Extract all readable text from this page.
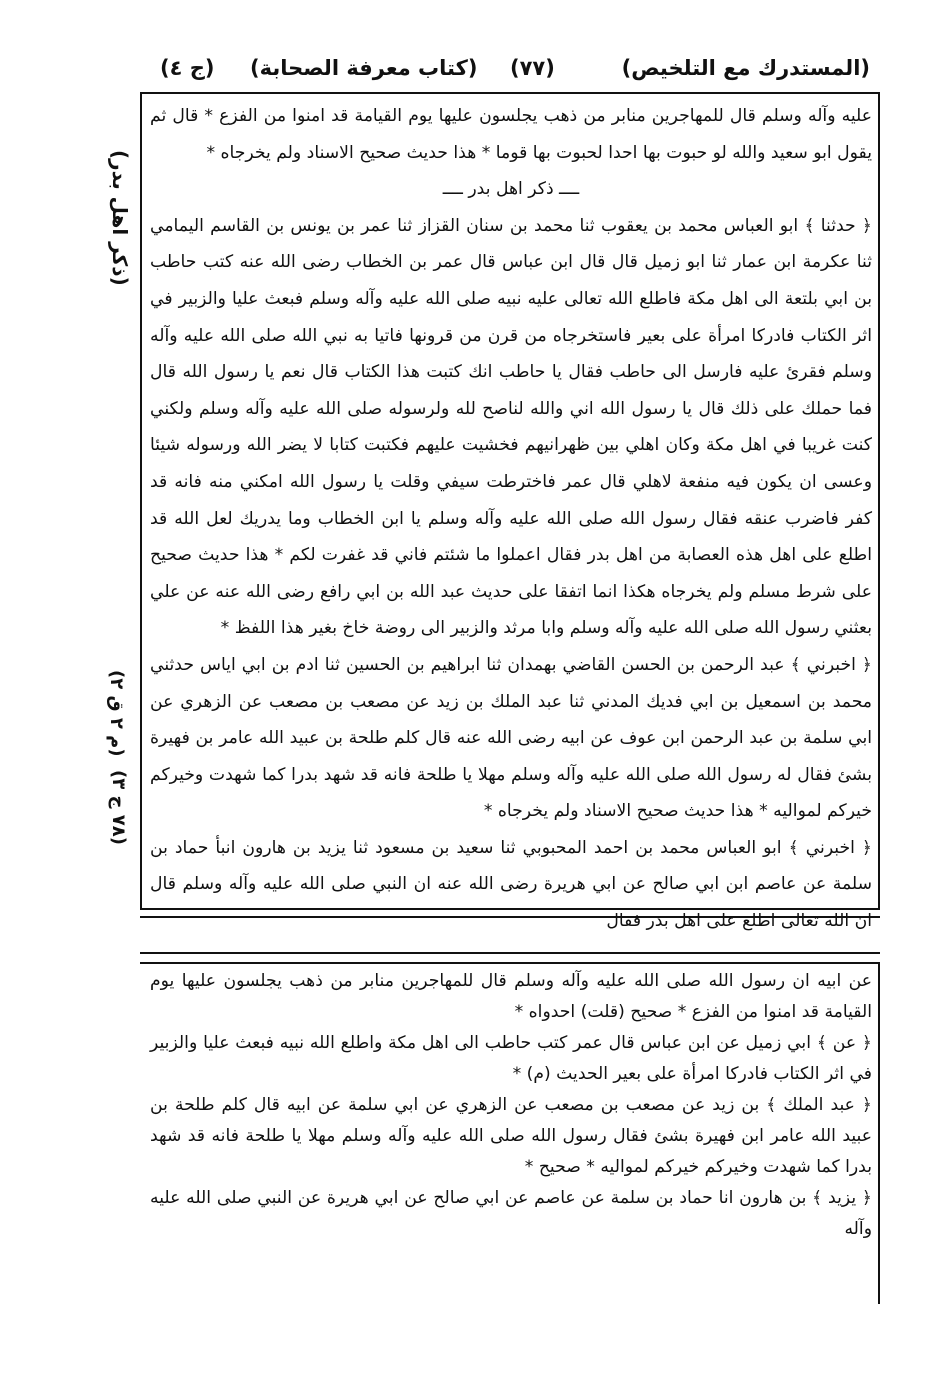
(المستدرك مع التلخيص)
(٧٧)
(كتاب معرفة الصحابة)
(ج ٤)

عليه وآله وسلم قال للمهاجرين منابر من ذهب يجلسون عليها يوم القيامة قد امنوا من الفزع * قال ثم يقول ابو سعيد والله لو حبوت بها احدا لحبوت بها قوما * هذا حديث صحيح الاسناد ولم يخرجاه *

ــــ ذكر اهل بدر ــــ

﴿ حدثنا ﴾ ابو العباس محمد بن يعقوب ثنا محمد بن سنان القزاز ثنا عمر بن يونس بن القاسم اليمامي ثنا عكرمة ابن عمار ثنا ابو زميل قال قال ابن عباس قال عمر بن الخطاب رضى الله عنه كتب حاطب بن ابي بلتعة الى اهل مكة فاطلع الله تعالى عليه نبيه صلى الله عليه وآله وسلم فبعث عليا والزبير في اثر الكتاب فادركا امرأة على بعير فاستخرجاه من قرن من قرونها فاتيا به نبي الله صلى الله عليه وآله وسلم فقرئ عليه فارسل الى حاطب فقال يا حاطب انك كتبت هذا الكتاب قال نعم يا رسول الله قال فما حملك على ذلك قال يا رسول الله اني والله لناصح لله ولرسوله صلى الله عليه وآله وسلم ولكني كنت غريبا في اهل مكة وكان اهلي بين ظهرانيهم فخشيت عليهم فكتبت كتابا لا يضر الله ورسوله شيئا وعسى ان يكون فيه منفعة لاهلي قال عمر فاخترطت سيفي وقلت يا رسول الله امكني منه فانه قد كفر فاضرب عنقه فقال رسول الله صلى الله عليه وآله وسلم يا ابن الخطاب وما يدريك لعل الله قد اطلع على اهل هذه العصابة من اهل بدر فقال اعملوا ما شئتم فاني قد غفرت لكم * هذا حديث صحيح على شرط مسلم ولم يخرجاه هكذا انما اتفقا على حديث عبد الله بن ابي رافع رضى الله عنه عن علي بعثني رسول الله صلى الله عليه وآله وسلم وابا مرثد والزبير الى روضة خاخ بغير هذا اللفظ *

﴿ اخبرني ﴾ عبد الرحمن بن الحسن القاضي بهمدان ثنا ابراهيم بن الحسين ثنا ادم بن ابي اياس حدثني محمد بن اسمعيل بن ابي فديك المدني ثنا عبد الملك بن زيد عن مصعب بن مصعب عن الزهري عن ابي سلمة بن عبد الرحمن ابن عوف عن ابيه رضى الله عنه قال كلم طلحة بن عبيد الله عامر بن فهيرة بشئ فقال له رسول الله صلى الله عليه وآله وسلم مهلا يا طلحة فانه قد شهد بدرا كما شهدت وخيركم خيركم لمواليه * هذا حديث صحيح الاسناد ولم يخرجاه *

﴿ اخبرني ﴾ ابو العباس محمد بن احمد المحبوبي ثنا سعيد بن مسعود ثنا يزيد بن هارون انبأ حماد بن سلمة عن عاصم ابن ابي صالح عن ابي هريرة رضى الله عنه ان النبي صلى الله عليه وآله وسلم قال ان الله تعالى اطلع على اهل بدر فقال

(ذكر اهل بدر)
(م ٢ ق ٢)
(٧٨ ج ٣)

عن ابيه ان رسول الله صلى الله عليه وآله وسلم قال للمهاجرين منابر من ذهب يجلسون عليها يوم القيامة قد امنوا من الفزع * صحيح (قلت) احدواه *

﴿ عن ﴾ ابي زميل عن ابن عباس قال عمر كتب حاطب الى اهل مكة واطلع الله نبيه فبعث عليا والزبير في اثر الكتاب فادركا امرأة على بعير الحديث (م) *

﴿ عبد الملك ﴾ بن زيد عن مصعب بن مصعب عن الزهري عن ابي سلمة عن ابيه قال كلم طلحة بن عبيد الله عامر ابن فهيرة بشئ فقال رسول الله صلى الله عليه وآله وسلم مهلا يا طلحة فانه قد شهد بدرا كما شهدت وخيركم خيركم لمواليه * صحيح *

﴿ يزيد ﴾ بن هارون انا حماد بن سلمة عن عاصم عن ابي صالح عن ابي هريرة عن النبي صلى الله عليه وآله
